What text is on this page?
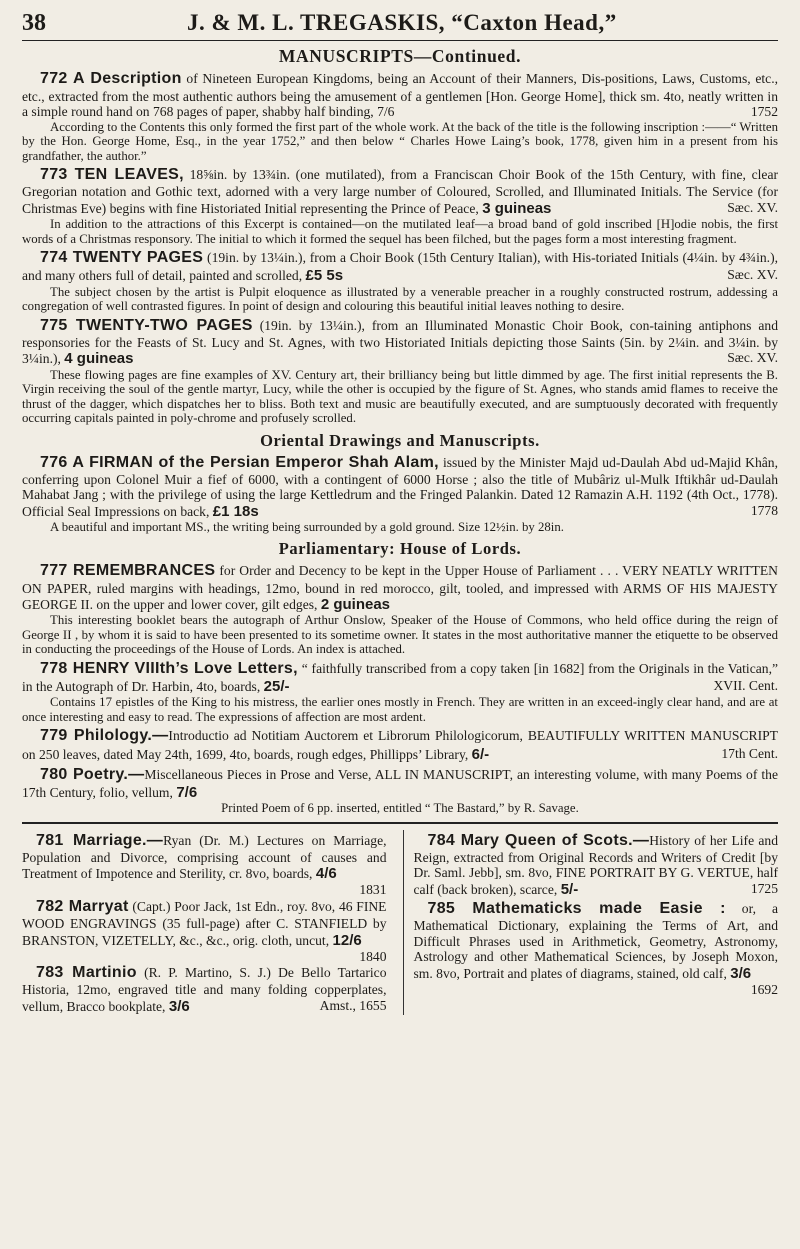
38	J. & M. L. TREGASKIS, “Caxton Head,”
MANUSCRIPTS—Continued.

772 A Description of Nineteen European Kingdoms, being an Account of their Manners, Dis-positions, Laws, Customs, etc., etc., extracted from the most authentic authors being the amusement of a gentlemen [Hon. George Home], thick sm. 4to, neatly written in a simple round hand on 768 pages of paper, shabby half binding, 7/6	1752

According to the Contents this only formed the first part of the whole work. At the back of the title is the following inscription :——“ Written by the Hon. George Home, Esq., in the year 1752,” and then below “ Charles Howe Laing’s book, 1778, given him in a present from his grandfather, the author.”

773 TEN LEAVES, 18⅝in. by 13¾in. (one mutilated), from a Franciscan Choir Book of the 15th Century, with fine, clear Gregorian notation and Gothic text, adorned with a very large number of Coloured, Scrolled, and Illuminated Initials. The Service (for Christmas Eve) begins with fine Historiated Initial representing the Prince of Peace, 3 guineas	Sæc. XV.

In addition to the attractions of this Excerpt is contained—on the mutilated leaf—a broad band of gold inscribed [H]odie nobis, the first words of a Christmas responsory. The initial to which it formed the sequel has been filched, but the pages form a most interesting fragment.

774 TWENTY PAGES (19in. by 13¼in.), from a Choir Book (15th Century Italian), with His-toriated Initials (4¼in. by 4¾in.), and many others full of detail, painted and scrolled, £5 5s	Sæc. XV.

The subject chosen by the artist is Pulpit eloquence as illustrated by a venerable preacher in a roughly constructed rostrum, addessing a congregation of well contrasted figures. In point of design and colouring this beautiful initial leaves nothing to desire.

775 TWENTY-TWO PAGES (19in. by 13¼in.), from an Illuminated Monastic Choir Book, con-taining antiphons and responsories for the Feasts of St. Lucy and St. Agnes, with two Historiated Initials depicting those Saints (5in. by 2¼in. and 3¼in. by 3¼in.), 4 guineas	Sæc. XV.

These flowing pages are fine examples of XV. Century art, their brilliancy being but little dimmed by age. The first initial represents the B. Virgin receiving the soul of the gentle martyr, Lucy, while the other is occupied by the figure of St. Agnes, who stands amid flames to receive the thrust of the dagger, which dispatches her to bliss. Both text and music are beautifully executed, and are sumptuously decorated with frequently occurring capitals painted in poly-chrome and profusely scrolled.

Oriental Drawings and Manuscripts.

776 A FIRMAN of the Persian Emperor Shah Alam, issued by the Minister Majd ud-Daulah Abd ud-Majid Khân, conferring upon Colonel Muir a fief of 6000, with a contingent of 6000 Horse ; also the title of Mubâriz ul-Mulk Iftikhâr ud-Daulah Mahabat Jang ; with the privilege of using the large Kettledrum and the Fringed Palankin. Dated 12 Ramazin A.H. 1192 (4th Oct., 1778). Official Seal Impressions on back, £1 18s	1778

A beautiful and important MS., the writing being surrounded by a gold ground. Size 12½in. by 28in.

Parliamentary: House of Lords.

777 REMEMBRANCES for Order and Decency to be kept in the Upper House of Parliament . . . VERY NEATLY WRITTEN ON PAPER, ruled margins with headings, 12mo, bound in red morocco, gilt, tooled, and impressed with ARMS OF HIS MAJESTY GEORGE II. on the upper and lower cover, gilt edges, 2 guineas

This interesting booklet bears the autograph of Arthur Onslow, Speaker of the House of Commons, who held office during the reign of George II , by whom it is said to have been presented to its sometime owner. It states in the most authoritative manner the etiquette to be observed in conducting the proceedings of the House of Lords. An index is attached.

778 HENRY VIIIth’s Love Letters, “ faithfully transcribed from a copy taken [in 1682] from the Originals in the Vatican,” in the Autograph of Dr. Harbin, 4to, boards, 25/-	XVII. Cent.

Contains 17 epistles of the King to his mistress, the earlier ones mostly in French. They are written in an exceed-ingly clear hand, and are at once interesting and easy to read. The expressions of affection are most ardent.

779 Philology.—Introductio ad Notitiam Auctorem et Librorum Philologicorum, BEAUTIFULLY WRITTEN MANUSCRIPT on 250 leaves, dated May 24th, 1699, 4to, boards, rough edges, Phillipps’ Library, 6/-	17th Cent.

780 Poetry.—Miscellaneous Pieces in Prose and Verse, ALL IN MANUSCRIPT, an interesting volume, with many Poems of the 17th Century, folio, vellum, 7/6

Printed Poem of 6 pp. inserted, entitled “ The Bastard,” by R. Savage.

781 Marriage.—Ryan (Dr. M.) Lectures on Marriage, Population and Divorce, comprising account of causes and Treatment of Impotence and Sterility, cr. 8vo, boards, 4/6
1831

782 Marryat (Capt.) Poor Jack, 1st Edn., roy. 8vo, 46 FINE WOOD ENGRAVINGS (35 full-page) after C. STANFIELD by BRANSTON, VIZETELLY, &c., &c., orig. cloth, uncut, 12/6
1840

783 Martinio (R. P. Martino, S. J.) De Bello Tartarico Historia, 12mo, engraved title and many folding copperplates, vellum, Bracco bookplate, 3/6	Amst., 1655

784 Mary Queen of Scots.—History of her Life and Reign, extracted from Original Records and Writers of Credit [by Dr. Saml. Jebb], sm. 8vo, FINE PORTRAIT BY G. VERTUE, half calf (back broken), scarce, 5/-	1725

785 Mathematicks made Easie : or, a Mathematical Dictionary, explaining the Terms of Art, and Difficult Phrases used in Arithmetick, Geometry, Astronomy, Astrology and other Mathematical Sciences, by Joseph Moxon, sm. 8vo, Portrait and plates of diagrams, stained, old calf, 3/6
1692
